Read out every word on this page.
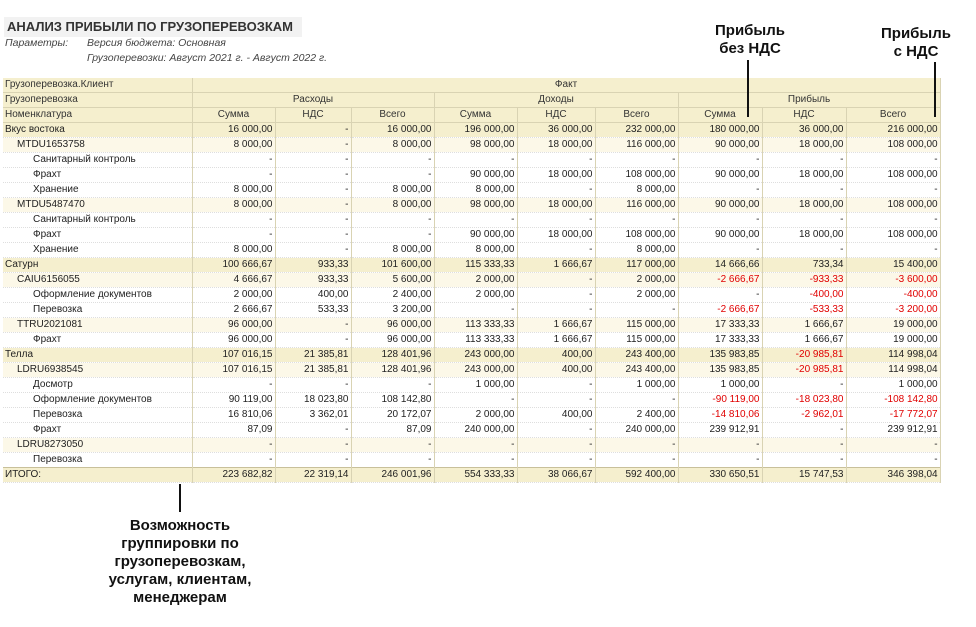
АНАЛИЗ ПРИБЫЛИ ПО ГРУЗОПЕРЕВОЗКАМ
Параметры: Версия бюджета: Основная
Грузоперевозки: Август 2021 г. - Август 2022 г.
Грузоперевозка.Клиент	Факт								
Грузоперевозка	Расходы			Доходы			Прибыль		
Номенклатура	Сумма	НДС	Всего	Сумма	НДС	Всего	Сумма	НДС	Всего
Вкус востока	16 000,00	-	16 000,00	196 000,00	36 000,00	232 000,00	180 000,00	36 000,00	216 000,00
MTDU1653758	8 000,00	-	8 000,00	98 000,00	18 000,00	116 000,00	90 000,00	18 000,00	108 000,00
Санитарный контроль	-	-	-	-	-	-	-	-	-
Фрахт	-	-	-	90 000,00	18 000,00	108 000,00	90 000,00	18 000,00	108 000,00
Хранение	8 000,00	-	8 000,00	8 000,00	-	8 000,00	-	-	-
MTDU5487470	8 000,00	-	8 000,00	98 000,00	18 000,00	116 000,00	90 000,00	18 000,00	108 000,00
Санитарный контроль	-	-	-	-	-	-	-	-	-
Фрахт	-	-	-	90 000,00	18 000,00	108 000,00	90 000,00	18 000,00	108 000,00
Хранение	8 000,00	-	8 000,00	8 000,00	-	8 000,00	-	-	-
Сатурн	100 666,67	933,33	101 600,00	115 333,33	1 666,67	117 000,00	14 666,66	733,34	15 400,00
CAIU6156055	4 666,67	933,33	5 600,00	2 000,00	-	2 000,00	-2 666,67	-933,33	-3 600,00
Оформление документов	2 000,00	400,00	2 400,00	2 000,00	-	2 000,00	-	-400,00	-400,00
Перевозка	2 666,67	533,33	3 200,00	-	-	-	-2 666,67	-533,33	-3 200,00
TTRU2021081	96 000,00	-	96 000,00	113 333,33	1 666,67	115 000,00	17 333,33	1 666,67	19 000,00
Фрахт	96 000,00	-	96 000,00	113 333,33	1 666,67	115 000,00	17 333,33	1 666,67	19 000,00
Телла	107 016,15	21 385,81	128 401,96	243 000,00	400,00	243 400,00	135 983,85	-20 985,81	114 998,04
LDRU6938545	107 016,15	21 385,81	128 401,96	243 000,00	400,00	243 400,00	135 983,85	-20 985,81	114 998,04
Досмотр	-	-	-	1 000,00	-	1 000,00	1 000,00	-	1 000,00
Оформление документов	90 119,00	18 023,80	108 142,80	-	-	-	-90 119,00	-18 023,80	-108 142,80
Перевозка	16 810,06	3 362,01	20 172,07	2 000,00	400,00	2 400,00	-14 810,06	-2 962,01	-17 772,07
Фрахт	87,09	-	87,09	240 000,00	-	240 000,00	239 912,91	-	239 912,91
LDRU8273050	-	-	-	-	-	-	-	-	-
Перевозка	-	-	-	-	-	-	-	-	-
ИТОГО:	223 682,82	22 319,14	246 001,96	554 333,33	38 066,67	592 400,00	330 650,51	15 747,53	346 398,04
Прибыль
без НДС
Прибыль
с НДС
Возможность
группировки по
грузоперевозкам,
услугам, клиентам,
менеджерам
